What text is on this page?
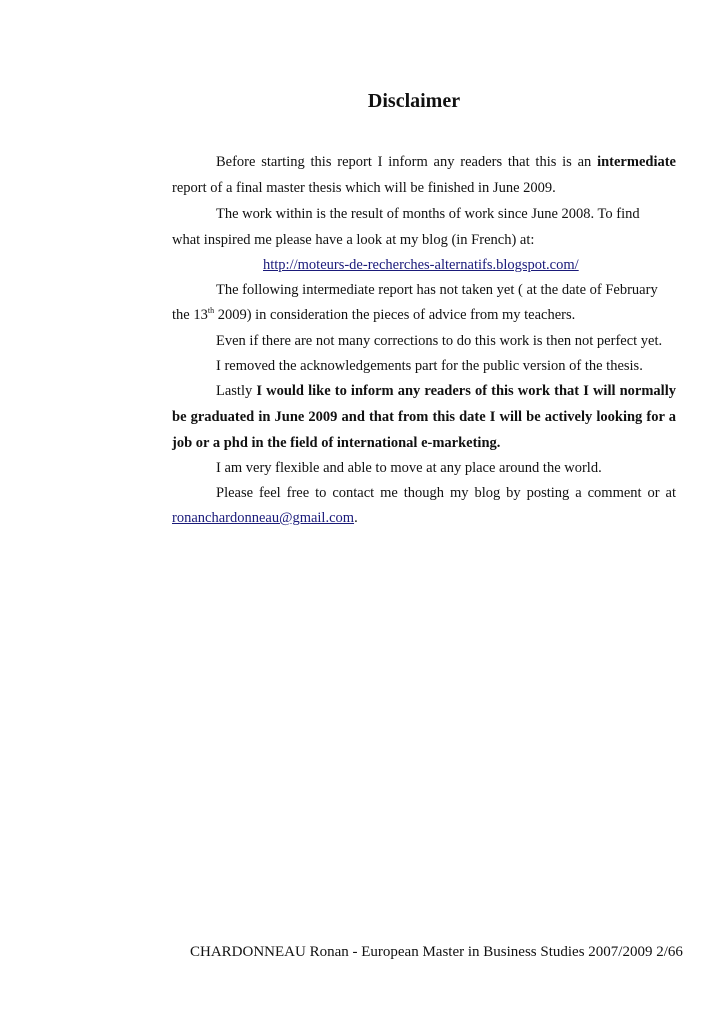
Disclaimer
Before starting this report I inform any readers that this is an intermediate
report of a final master thesis which will be finished in June 2009.
The work within is the result of months of work since June 2008. To find
what inspired me please have a look at my blog (in French) at:
http://moteurs-de-recherches-alternatifs.blogspot.com/
The following intermediate report has not taken yet ( at the date of February
the 13th 2009) in consideration the pieces of advice from my teachers.
Even if there are not many corrections to do this work is then not perfect yet.
I removed the acknowledgements part for the public version of the thesis.
Lastly I would like to inform any readers of this work that I will normally
be graduated in June 2009 and that from this date I will be actively looking for a
job or a phd in the field of international e-marketing.
I am very flexible and able to move at any place around the world.
Please feel free to contact me though my blog by posting a comment or at
ronanchardonneau@gmail.com.
CHARDONNEAU Ronan - European Master in Business Studies 2007/2009 2/66
